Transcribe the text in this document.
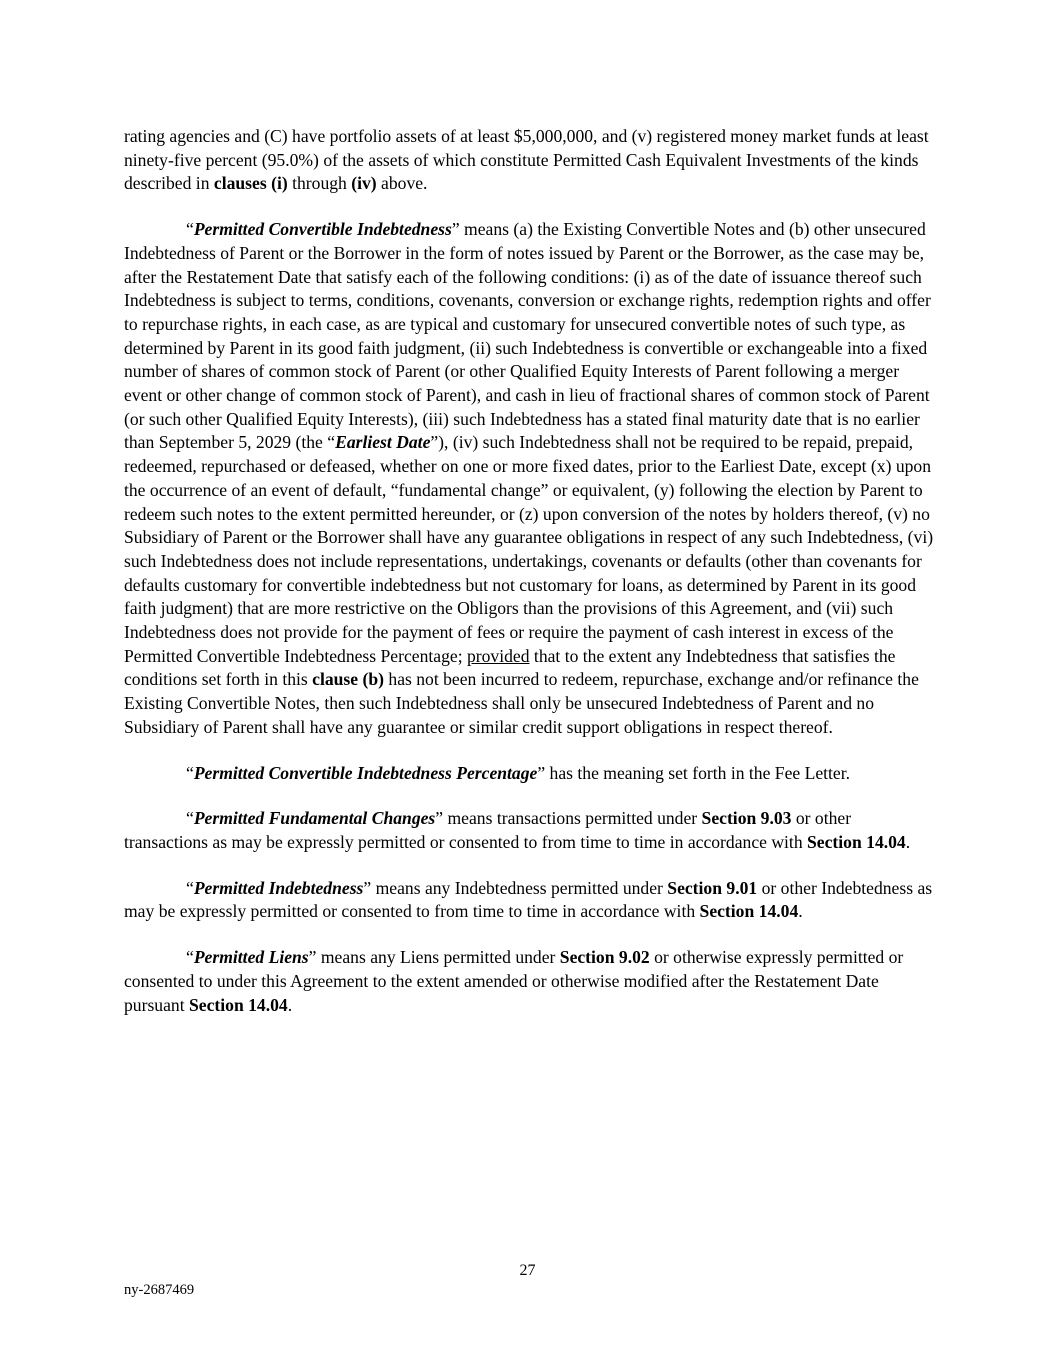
rating agencies and (C) have portfolio assets of at least $5,000,000, and (v) registered money market funds at least ninety-five percent (95.0%) of the assets of which constitute Permitted Cash Equivalent Investments of the kinds described in clauses (i) through (iv) above.

“Permitted Convertible Indebtedness” means (a) the Existing Convertible Notes and (b) other unsecured Indebtedness of Parent or the Borrower in the form of notes issued by Parent or the Borrower, as the case may be, after the Restatement Date that satisfy each of the following conditions: (i) as of the date of issuance thereof such Indebtedness is subject to terms, conditions, covenants, conversion or exchange rights, redemption rights and offer to repurchase rights, in each case, as are typical and customary for unsecured convertible notes of such type, as determined by Parent in its good faith judgment, (ii) such Indebtedness is convertible or exchangeable into a fixed number of shares of common stock of Parent (or other Qualified Equity Interests of Parent following a merger event or other change of common stock of Parent), and cash in lieu of fractional shares of common stock of Parent (or such other Qualified Equity Interests), (iii) such Indebtedness has a stated final maturity date that is no earlier than September 5, 2029 (the “Earliest Date”), (iv) such Indebtedness shall not be required to be repaid, prepaid, redeemed, repurchased or defeased, whether on one or more fixed dates, prior to the Earliest Date, except (x) upon the occurrence of an event of default, “fundamental change” or equivalent, (y) following the election by Parent to redeem such notes to the extent permitted hereunder, or (z) upon conversion of the notes by holders thereof, (v) no Subsidiary of Parent or the Borrower shall have any guarantee obligations in respect of any such Indebtedness, (vi) such Indebtedness does not include representations, undertakings, covenants or defaults (other than covenants for defaults customary for convertible indebtedness but not customary for loans, as determined by Parent in its good faith judgment) that are more restrictive on the Obligors than the provisions of this Agreement, and (vii) such Indebtedness does not provide for the payment of fees or require the payment of cash interest in excess of the Permitted Convertible Indebtedness Percentage; provided that to the extent any Indebtedness that satisfies the conditions set forth in this clause (b) has not been incurred to redeem, repurchase, exchange and/or refinance the Existing Convertible Notes, then such Indebtedness shall only be unsecured Indebtedness of Parent and no Subsidiary of Parent shall have any guarantee or similar credit support obligations in respect thereof.

“Permitted Convertible Indebtedness Percentage” has the meaning set forth in the Fee Letter.

“Permitted Fundamental Changes” means transactions permitted under Section 9.03 or other transactions as may be expressly permitted or consented to from time to time in accordance with Section 14.04.

“Permitted Indebtedness” means any Indebtedness permitted under Section 9.01 or other Indebtedness as may be expressly permitted or consented to from time to time in accordance with Section 14.04.

“Permitted Liens” means any Liens permitted under Section 9.02 or otherwise expressly permitted or consented to under this Agreement to the extent amended or otherwise modified after the Restatement Date pursuant Section 14.04.

27
ny-2687469
